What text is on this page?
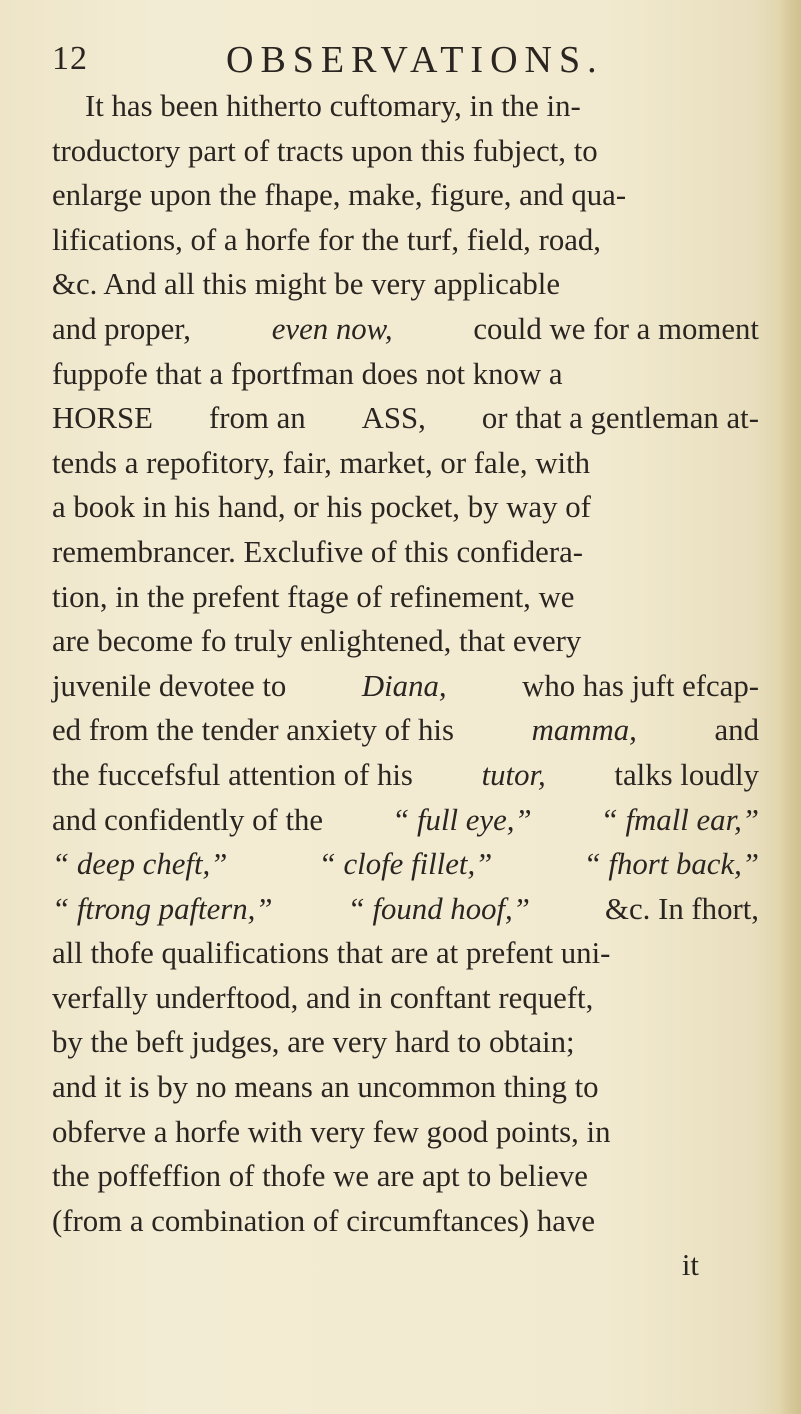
12	OBSERVATIONS.
It has been hitherto cuftomary, in the in-
troductory part of tracts upon this fubject, to
enlarge upon the fhape, make, figure, and qua-
lifications, of a horfe for the turf, field, road,
&c. And all this might be very applicable
and proper,	even now,	could we for a moment
fuppofe that a fportfman does not know a
HORSE from an ASS, or that a gentleman at-
tends a repofitory, fair, market, or fale, with
a book in his hand, or his pocket, by way of
remembrancer. Exclufive of this confidera-
tion, in the prefent ftage of refinement, we
are become fo truly enlightened, that every
juvenile devotee to Diana, who has juft efcap-
ed from the tender anxiety of his	mamma,	and
the fuccefsful attention of his tutor, talks loudly
and confidently of the “ full eye,” “ fmall ear,”
“ deep cheft,”	“ clofe fillet,”	“ fhort back,”
“ ftrong paftern,” “ found hoof,” &c. In fhort,
all thofe qualifications that are at prefent uni-
verfally underftood, and in conftant requeft,
by the beft judges, are very hard to obtain;
and it is by no means an uncommon thing to
obferve a horfe with very few good points, in
the poffeffion of thofe we are apt to believe
(from a combination of circumftances) have
it
